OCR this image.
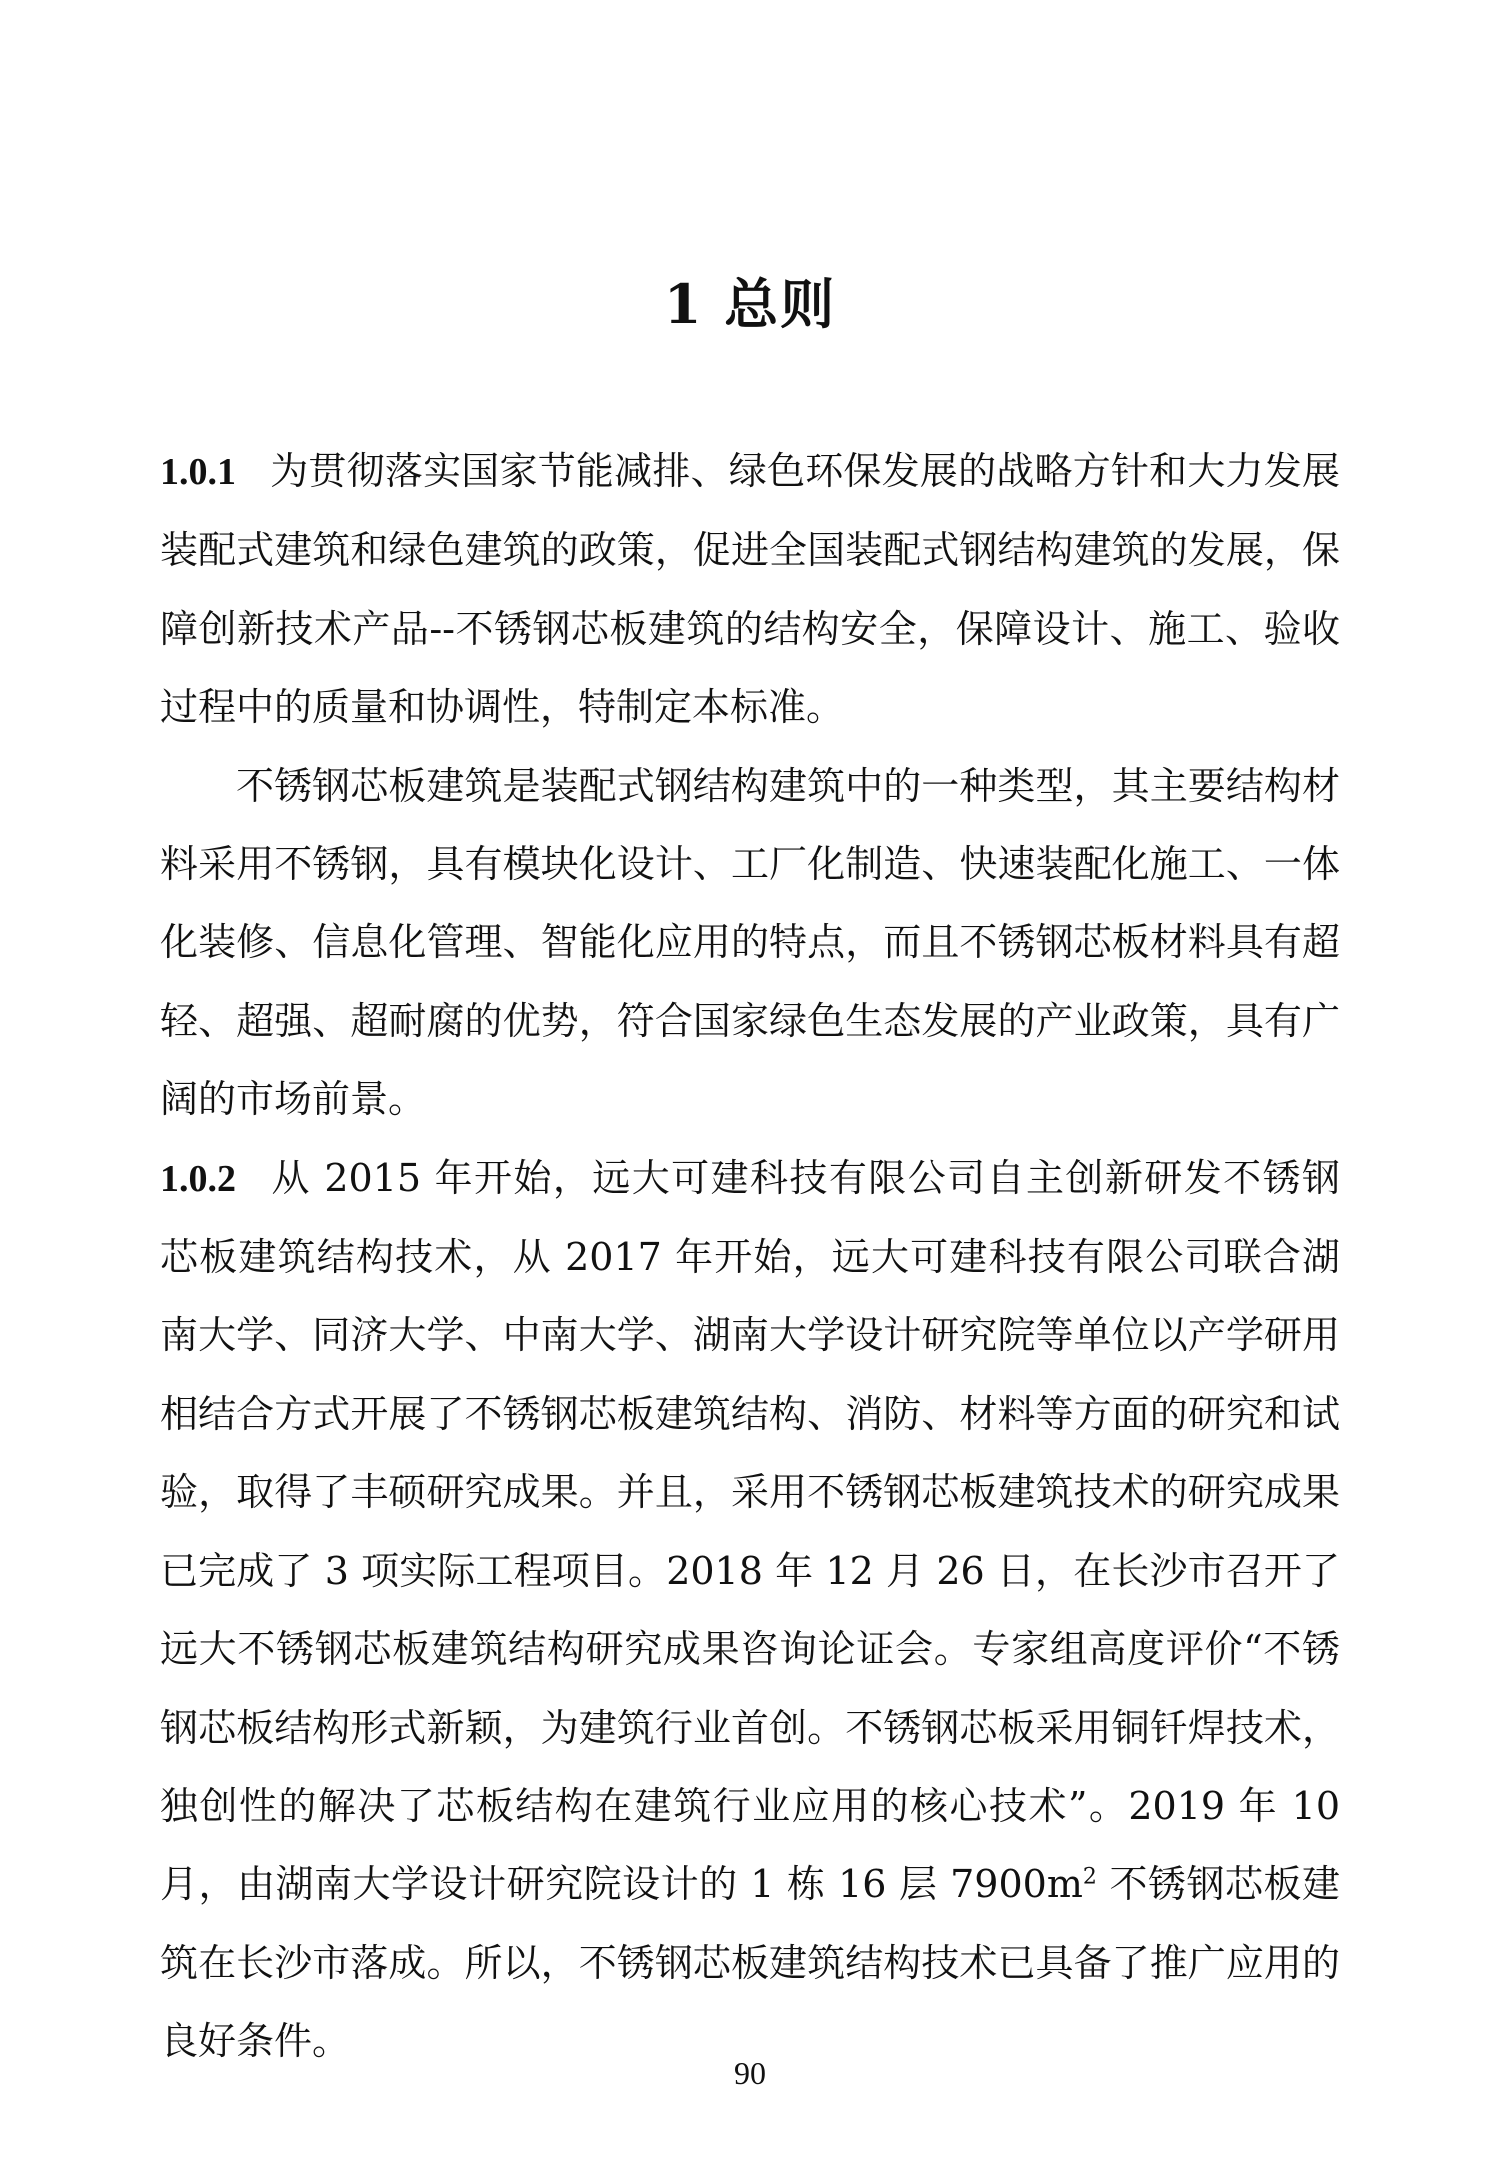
1 总则

1.0.1 为贯彻落实国家节能减排、绿色环保发展的战略方针和大力发展装配式建筑和绿色建筑的政策，促进全国装配式钢结构建筑的发展，保障创新技术产品--不锈钢芯板建筑的结构安全，保障设计、施工、验收过程中的质量和协调性，特制定本标准。

不锈钢芯板建筑是装配式钢结构建筑中的一种类型，其主要结构材料采用不锈钢，具有模块化设计、工厂化制造、快速装配化施工、一体化装修、信息化管理、智能化应用的特点，而且不锈钢芯板材料具有超轻、超强、超耐腐的优势，符合国家绿色生态发展的产业政策，具有广阔的市场前景。

1.0.2 从 2015 年开始，远大可建科技有限公司自主创新研发不锈钢芯板建筑结构技术，从 2017 年开始，远大可建科技有限公司联合湖南大学、同济大学、中南大学、湖南大学设计研究院等单位以产学研用相结合方式开展了不锈钢芯板建筑结构、消防、材料等方面的研究和试验，取得了丰硕研究成果。并且，采用不锈钢芯板建筑技术的研究成果已完成了 3 项实际工程项目。2018 年 12 月 26 日，在长沙市召开了远大不锈钢芯板建筑结构研究成果咨询论证会。专家组高度评价“不锈钢芯板结构形式新颖，为建筑行业首创。不锈钢芯板采用铜钎焊技术，独创性的解决了芯板结构在建筑行业应用的核心技术”。2019 年 10 月，由湖南大学设计研究院设计的 1 栋 16 层 $7900m^2$ 不锈钢芯板建筑在长沙市落成。所以，不锈钢芯板建筑结构技术已具备了推广应用的良好条件。

90
